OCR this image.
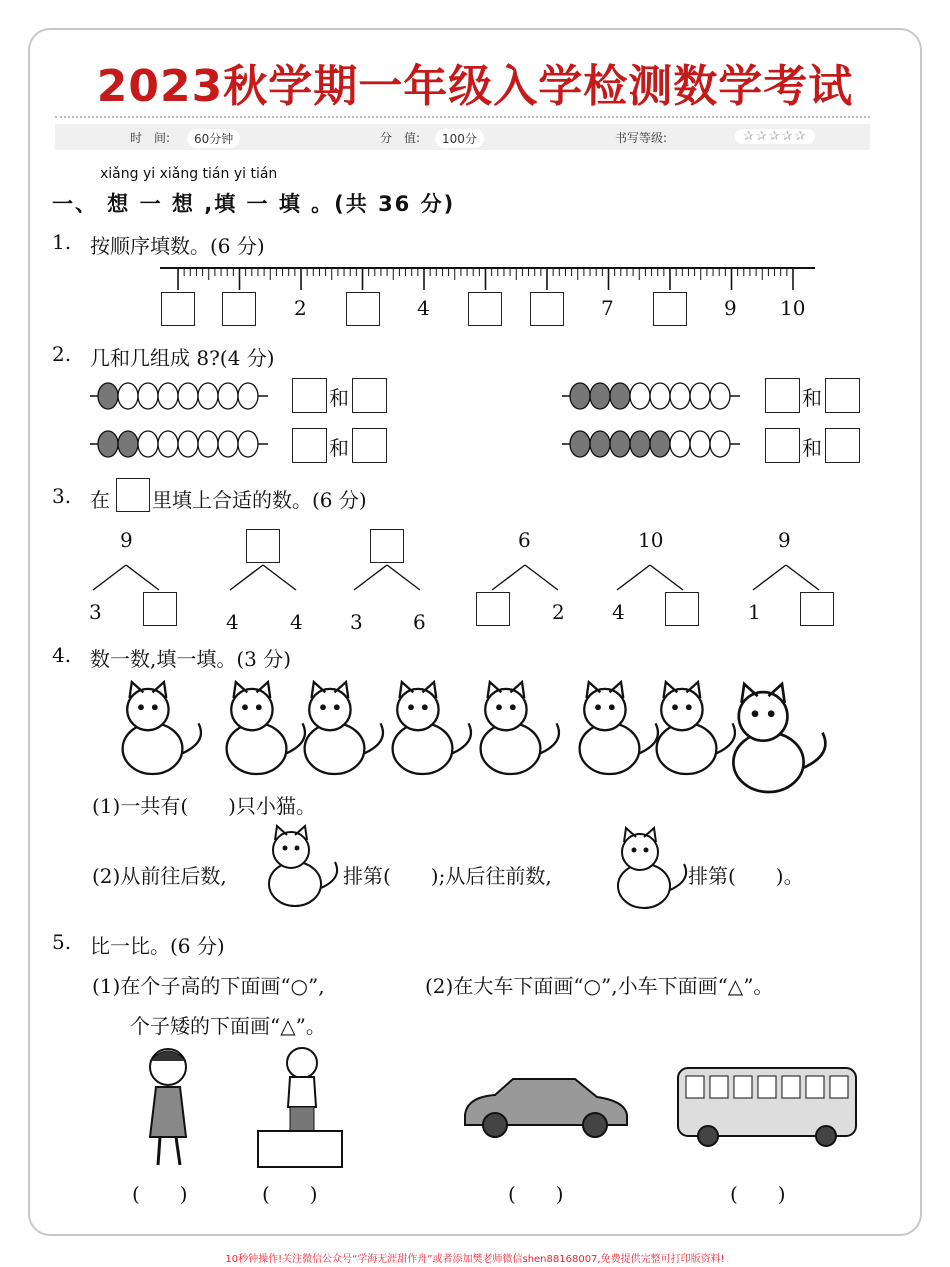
2023秋学期一年级入学检测数学考试
时　间:	60分钟	分　值:	100分	书写等级:	✰✰✰✰✰
xiǎng yi xiǎng tián yi tián
一、 想 一 想 ,填 一 填 。(共 36 分)
1. 按顺序填数。(6 分)
2	4	7	9 10
2. 几和几组成 8?(4 分)
和	和
和	和
3. 在 里填上合适的数。(6 分)
9
3	4	4 3	6
6
2
10
4
9
1
4. 数一数,填一填。(3 分)
(1)一共有(　　)只小猫。
(2)从前往后数,	排第(　　);从后往前数,	排第(　　)。
5. 比一比。(6 分)
(1)在个子高的下面画“○”,
个子矮的下面画“△”。
(2)在大车下面画“○”,小车下面画“△”。
(　　)	(　　)	(　　)	(　　)
10秒钟操作!关注微信公众号“学海无涯甜作舟”或者添加樊老师微信shen88168007,免费提供完整可打印版资料!
